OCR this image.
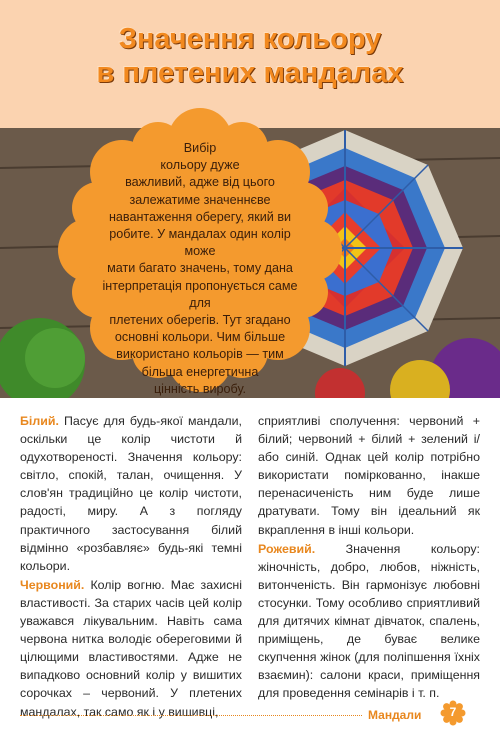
Значення кольору
в плетених мандалах
Вибір
кольору дуже
важливий, адже від цього
залежатиме значеннєве
навантаження оберегу, який ви
робите. У мандалах один колір може
мати багато значень, тому дана
інтерпретація пропонується саме для
плетених оберегів. Тут згадано
основні кольори. Чим більше
використано кольорів — тим
більша енергетична
цінність виробу.

Білий. Пасує для будь-якої мандали, оскільки це колір чистоти й одухотвореності. Значення кольору: світло, спокій, талан, очищення. У слов'ян традиційно це колір чистоти, радості, миру. А з погляду практичного застосування білий відмінно «розбавляє» будь-які темні кольори.

Червоний. Колір вогню. Має захисні властивості. За старих часів цей колір уважався лікувальним. Навіть сама червона нитка володіє обереговими й цілющими властивостями. Адже не випадково основний колір у вишитих сорочках – червоний. У плетених мандалах, так само як і у вишивці,

сприятливі сполучення: червоний + білий; червоний + білий + зелений і/або синій. Однак цей колір потрібно використати поміркованно, інакше перенасиченість ним буде лише дратувати. Тому він ідеальний як вкраплення в інші кольори.

Рожевий. Значення кольору: жіночність, добро, любов, ніжність, витонченість. Він гармонізує любовні стосунки. Тому особливо сприятливий для дитячих кімнат дівчаток, спалень, приміщень, де буває велике скупчення жінок (для поліпшення їхніх взаємин): салони краси, приміщення для проведення семінарів і т. п.

Мандали	7
